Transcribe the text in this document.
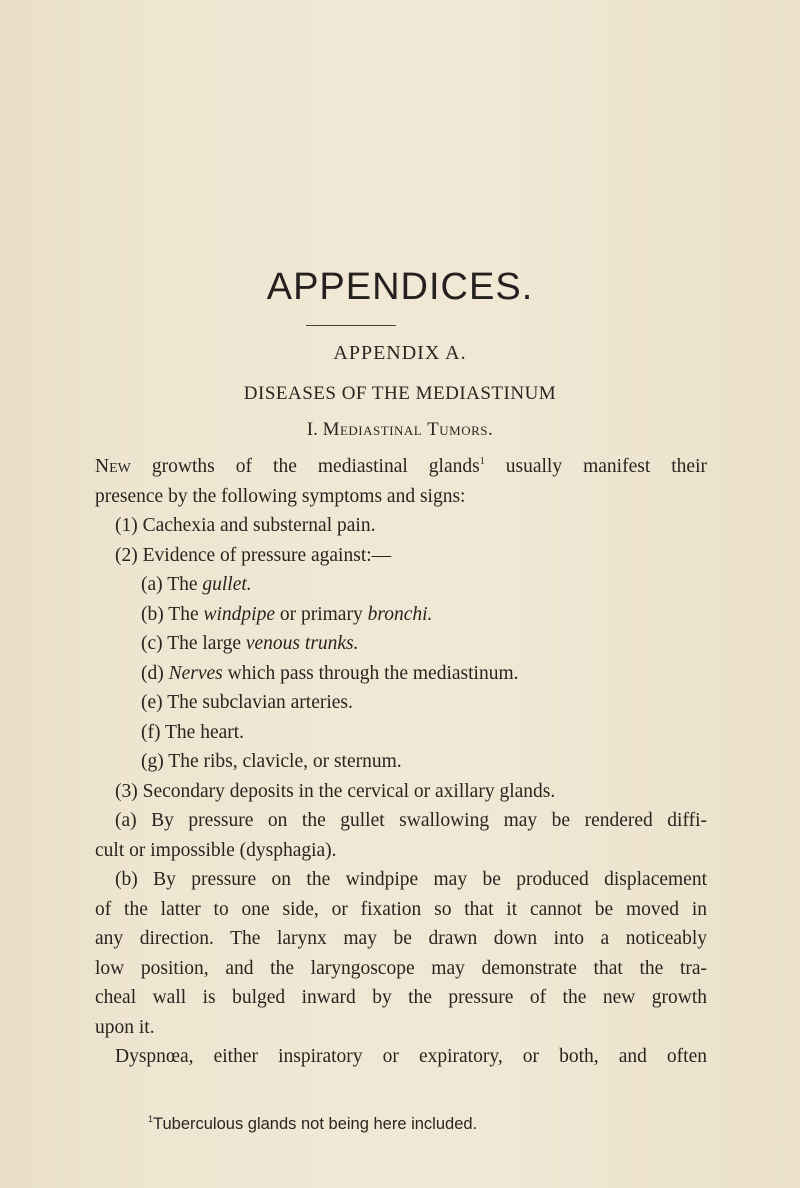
APPENDICES.
APPENDIX A.
DISEASES OF THE MEDIASTINUM
I. Mediastinal Tumors.
New growths of the mediastinal glands$^1$ usually manifest their
presence by the following symptoms and signs:
(1) Cachexia and substernal pain.
(2) Evidence of pressure against:—
(a) The gullet.
(b) The windpipe or primary bronchi.
(c) The large venous trunks.
(d) Nerves which pass through the mediastinum.
(e) The subclavian arteries.
(f) The heart.
(g) The ribs, clavicle, or sternum.
(3) Secondary deposits in the cervical or axillary glands.
(a) By pressure on the gullet swallowing may be rendered diffi-
cult or impossible (dysphagia).
(b) By pressure on the windpipe may be produced displacement
of the latter to one side, or fixation so that it cannot be moved in
any direction. The larynx may be drawn down into a noticeably
low position, and the laryngoscope may demonstrate that the tra-
cheal wall is bulged inward by the pressure of the new growth
upon it.
Dyspnœa, either inspiratory or expiratory, or both, and often
$^1$Tuberculous glands not being here included.
